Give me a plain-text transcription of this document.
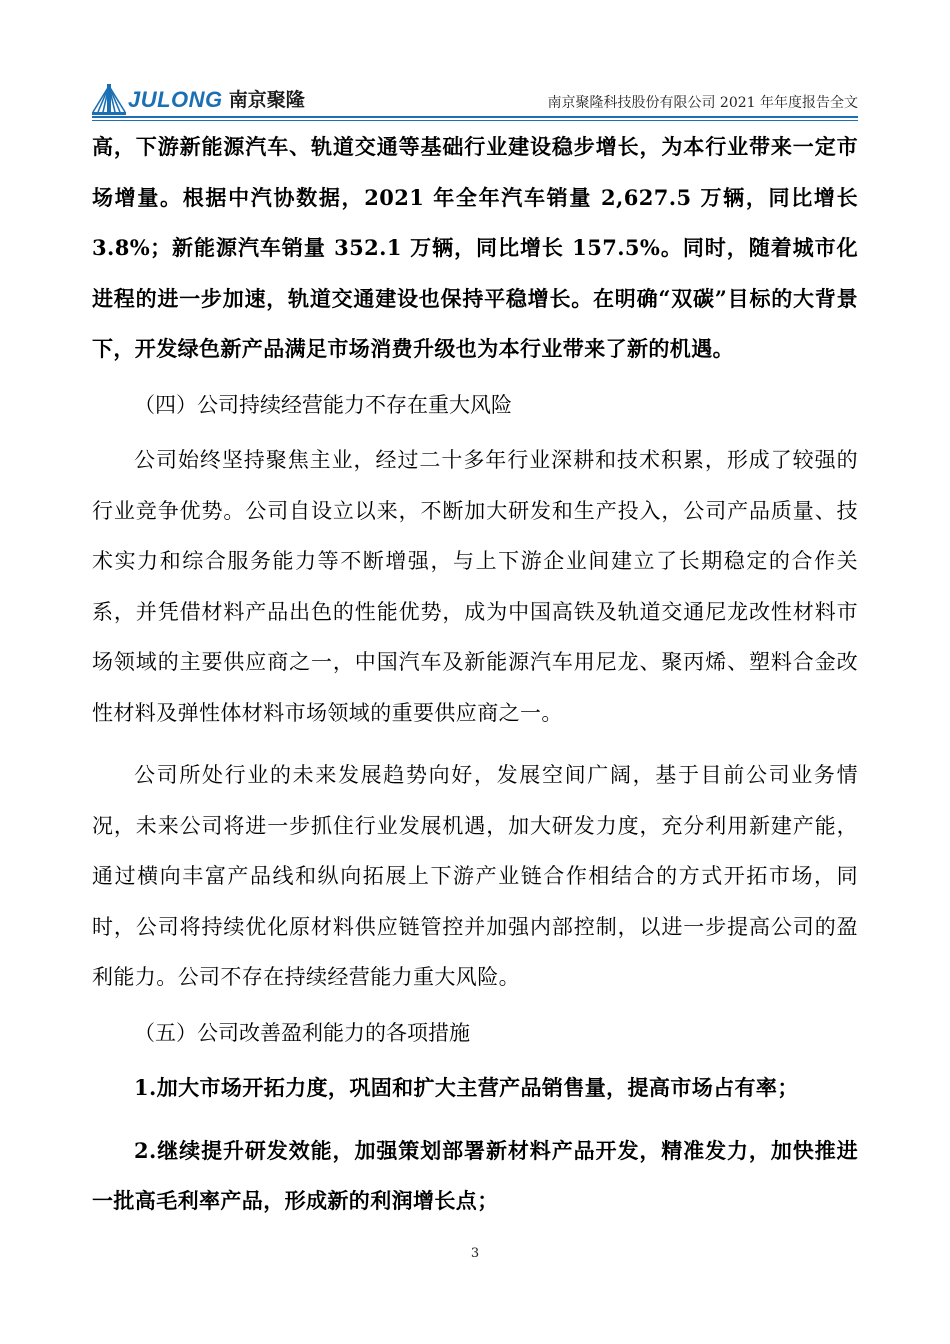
JULONG 南京聚隆	南京聚隆科技股份有限公司 2021 年年度报告全文

高，下游新能源汽车、轨道交通等基础行业建设稳步增长，为本行业带来一定市场增量。根据中汽协数据，2021 年全年汽车销量 2,627.5 万辆，同比增长 3.8%；新能源汽车销量 352.1 万辆，同比增长 157.5%。同时，随着城市化进程的进一步加速，轨道交通建设也保持平稳增长。在明确“双碳”目标的大背景下，开发绿色新产品满足市场消费升级也为本行业带来了新的机遇。

（四）公司持续经营能力不存在重大风险

公司始终坚持聚焦主业，经过二十多年行业深耕和技术积累，形成了较强的行业竞争优势。公司自设立以来，不断加大研发和生产投入，公司产品质量、技术实力和综合服务能力等不断增强，与上下游企业间建立了长期稳定的合作关系，并凭借材料产品出色的性能优势，成为中国高铁及轨道交通尼龙改性材料市场领域的主要供应商之一，中国汽车及新能源汽车用尼龙、聚丙烯、塑料合金改性材料及弹性体材料市场领域的重要供应商之一。

公司所处行业的未来发展趋势向好，发展空间广阔，基于目前公司业务情况，未来公司将进一步抓住行业发展机遇，加大研发力度，充分利用新建产能，通过横向丰富产品线和纵向拓展上下游产业链合作相结合的方式开拓市场，同时，公司将持续优化原材料供应链管控并加强内部控制，以进一步提高公司的盈利能力。公司不存在持续经营能力重大风险。

（五）公司改善盈利能力的各项措施

1.加大市场开拓力度，巩固和扩大主营产品销售量，提高市场占有率；

2.继续提升研发效能，加强策划部署新材料产品开发，精准发力，加快推进一批高毛利率产品，形成新的利润增长点；

3
